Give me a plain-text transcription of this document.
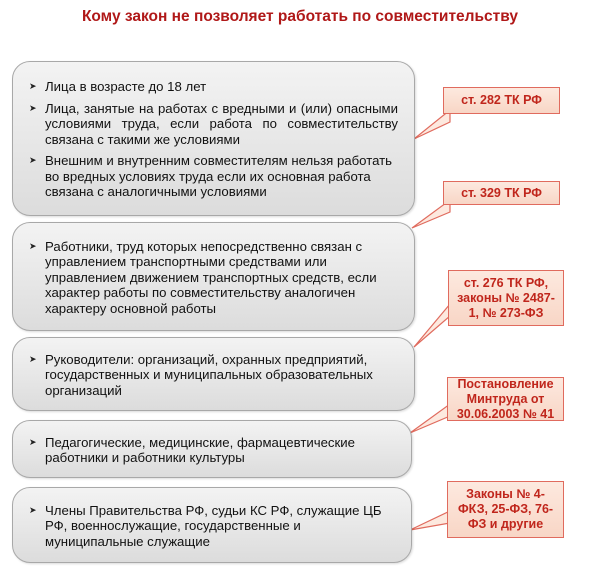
Кому закон не позволяет работать по совместительству
➤ Лица в возрасте до 18 лет
➤ Лица, занятые на работах с вредными и (или) опасными условиями труда, если работа по совместительству связана с такими же условиями
➤ Внешним и внутренним совместителям нельзя работать во вредных условиях труда если их основная работа связана с аналогичными условиями
➤ Работники, труд которых непосредственно связан с управлением транспортными средствами или управлением движением транспортных средств, если характер работы по совместительству аналогичен характеру основной работы
➤ Руководители: организаций, охранных предприятий, государственных и муниципальных образовательных организаций
➤ Педагогические, медицинские, фармацевтические работники и работники культуры
➤ Члены Правительства РФ, судьи КС РФ, служащие ЦБ РФ, военнослужащие, государственные и муниципальные служащие
ст. 282 ТК РФ
ст. 329 ТК РФ
ст. 276 ТК РФ, законы № 2487-1, № 273-ФЗ
Постановление Минтруда от 30.06.2003 № 41
Законы № 4-ФКЗ, 25-ФЗ, 76-ФЗ и другие
